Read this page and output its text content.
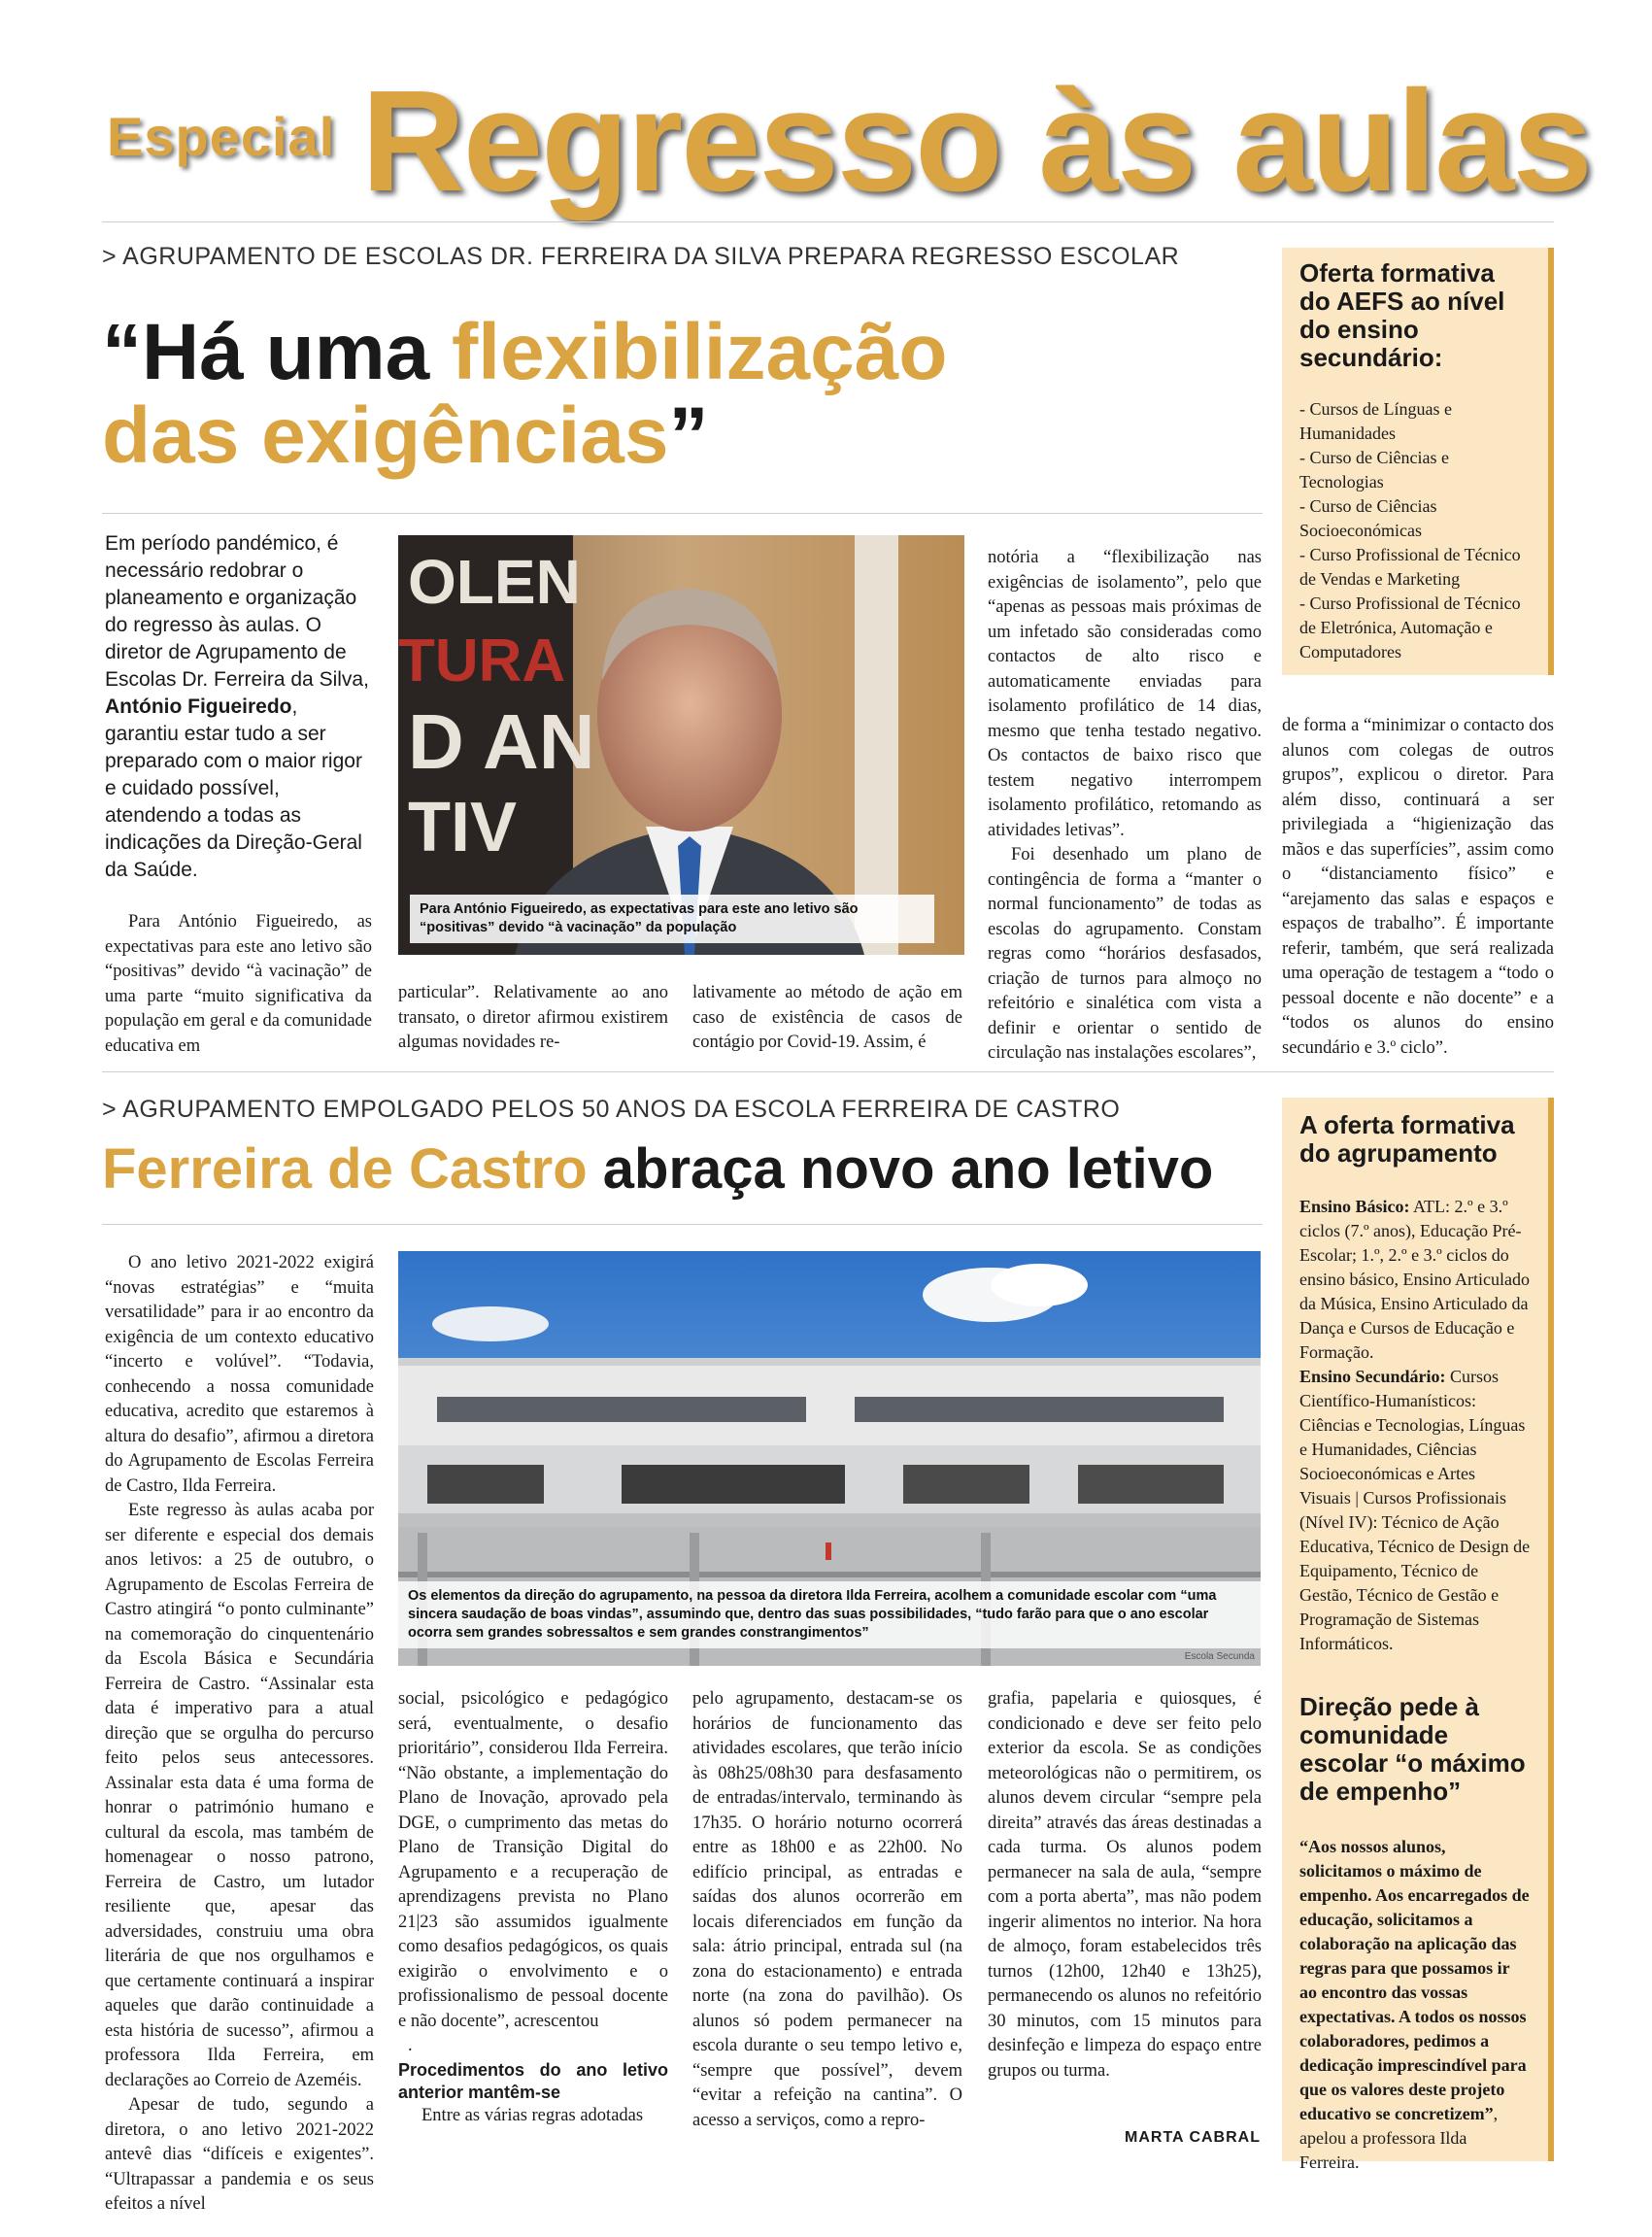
Especial Regresso às aulas
> AGRUPAMENTO DE ESCOLAS DR. FERREIRA DA SILVA PREPARA REGRESSO ESCOLAR
“Há uma flexibilização
das exigências”
Em período pandémico, é necessário redobrar o planeamento e organização do regresso às aulas. O diretor de Agrupamento de Escolas Dr. Ferreira da Silva, António Figueiredo, garantiu estar tudo a ser preparado com o maior rigor e cuidado possível, atendendo a todas as indicações da Direção-Geral da Saúde.
OLEN
TURA
D AN
TIV
Para António Figueiredo, as expectativas para este ano letivo são “positivas” devido “à vacinação” da população

Para António Figueiredo, as expectativas para este ano letivo são “positivas” devido “à vacinação” de uma parte “muito significativa da população em geral e da comunidade educativa em

particular”. Relativamente ao ano transato, o diretor afirmou existirem algumas novidades re-

lativamente ao método de ação em caso de existência de casos de contágio por Covid-19. Assim, é

notória a “flexibilização nas exigências de isolamento”, pelo que “apenas as pessoas mais próximas de um infetado são consideradas como contactos de alto risco e automaticamente enviadas para isolamento profilático de 14 dias, mesmo que tenha testado negativo. Os contactos de baixo risco que testem negativo interrompem isolamento profilático, retomando as atividades letivas”.

Foi desenhado um plano de contingência de forma a “manter o normal funcionamento” de todas as escolas do agrupamento. Constam regras como “horários desfasados, criação de turnos para almoço no refeitório e sinalética com vista a definir e orientar o sentido de circulação nas instalações escolares”,

de forma a “minimizar o contacto dos alunos com colegas de outros grupos”, explicou o diretor. Para além disso, continuará a ser privilegiada a “higienização das mãos e das superfícies”, assim como o “distanciamento físico” e “arejamento das salas e espaços e espaços de trabalho”. É importante referir, também, que será realizada uma operação de testagem a “todo o pessoal docente e não docente” e a “todos os alunos do ensino secundário e 3.º ciclo”.

Oferta formativa do AEFS ao nível do ensino secundário:
- Cursos de Línguas e Humanidades
- Curso de Ciências e Tecnologias
- Curso de Ciências Socioeconómicas
- Curso Profissional de Técnico de Vendas e Marketing
- Curso Profissional de Técnico de Eletrónica, Automação e Computadores
> AGRUPAMENTO EMPOLGADO PELOS 50 ANOS DA ESCOLA FERREIRA DE CASTRO
Ferreira de Castro abraça novo ano letivo
Os elementos da direção do agrupamento, na pessoa da diretora Ilda Ferreira, acolhem a comunidade escolar com “uma sincera saudação de boas vindas”, assumindo que, dentro das suas possibilidades, “tudo farão para que o ano escolar ocorra sem grandes sobressaltos e sem grandes constrangimentos”
Escola Secunda

O ano letivo 2021-2022 exigirá “novas estratégias” e “muita versatilidade” para ir ao encontro da exigência de um contexto educativo “incerto e volúvel”. “Todavia, conhecendo a nossa comunidade educativa, acredito que estaremos à altura do desafio”, afirmou a diretora do Agrupamento de Escolas Ferreira de Castro, Ilda Ferreira.

Este regresso às aulas acaba por ser diferente e especial dos demais anos letivos: a 25 de outubro, o Agrupamento de Escolas Ferreira de Castro atingirá “o ponto culminante” na comemoração do cinquentenário da Escola Básica e Secundária Ferreira de Castro. “Assinalar esta data é imperativo para a atual direção que se orgulha do percurso feito pelos seus antecessores. Assinalar esta data é uma forma de honrar o património humano e cultural da escola, mas também de homenagear o nosso patrono, Ferreira de Castro, um lutador resiliente que, apesar das adversidades, construiu uma obra literária de que nos orgulhamos e que certamente continuará a inspirar aqueles que darão continuidade a esta história de sucesso”, afirmou a professora Ilda Ferreira, em declarações ao Correio de Azeméis.

Apesar de tudo, segundo a diretora, o ano letivo 2021-2022 antevê dias “difíceis e exigentes”. “Ultrapassar a pandemia e os seus efeitos a nível

social, psicológico e pedagógico será, eventualmente, o desafio prioritário”, considerou Ilda Ferreira. “Não obstante, a implementação do Plano de Inovação, aprovado pela DGE, o cumprimento das metas do Plano de Transição Digital do Agrupamento e a recuperação de aprendizagens prevista no Plano 21|23 são assumidos igualmente como desafios pedagógicos, os quais exigirão o envolvimento e o profissionalismo de pessoal docente e não docente”, acrescentou

.

Procedimentos do ano letivo anterior mantêm-se

Entre as várias regras adotadas

pelo agrupamento, destacam-se os horários de funcionamento das atividades escolares, que terão início às 08h25/08h30 para desfasamento de entradas/intervalo, terminando às 17h35. O horário noturno ocorrerá entre as 18h00 e as 22h00. No edifício principal, as entradas e saídas dos alunos ocorrerão em locais diferenciados em função da sala: átrio principal, entrada sul (na zona do estacionamento) e entrada norte (na zona do pavilhão). Os alunos só podem permanecer na escola durante o seu tempo letivo e, “sempre que possível”, devem “evitar a refeição na cantina”. O acesso a serviços, como a repro-

grafia, papelaria e quiosques, é condicionado e deve ser feito pelo exterior da escola. Se as condições meteorológicas não o permitirem, os alunos devem circular “sempre pela direita” através das áreas destinadas a cada turma. Os alunos podem permanecer na sala de aula, “sempre com a porta aberta”, mas não podem ingerir alimentos no interior. Na hora de almoço, foram estabelecidos três turnos (12h00, 12h40 e 13h25), permanecendo os alunos no refeitório 30 minutos, com 15 minutos para desinfeção e limpeza do espaço entre grupos ou turma.

MARTA CABRAL
A oferta formativa do agrupamento
Ensino Básico: ATL: 2.º e 3.º ciclos (7.º anos), Educação Pré-Escolar; 1.º, 2.º e 3.º ciclos do ensino básico, Ensino Articulado da Música, Ensino Articulado da Dança e Cursos de Educação e Formação.
Ensino Secundário: Cursos Científico-Humanísticos: Ciências e Tecnologias, Línguas e Humanidades, Ciências Socioeconómicas e Artes Visuais | Cursos Profissionais (Nível IV): Técnico de Ação Educativa, Técnico de Design de Equipamento, Técnico de Gestão, Técnico de Gestão e Programação de Sistemas Informáticos.
Direção pede à comunidade escolar “o máximo de empenho”
“Aos nossos alunos, solicitamos o máximo de empenho. Aos encarregados de educação, solicitamos a colaboração na aplicação das regras para que possamos ir ao encontro das vossas expectativas. A todos os nossos colaboradores, pedimos a dedicação imprescindível para que os valores deste projeto educativo se concretizem”, apelou a professora Ilda Ferreira.
